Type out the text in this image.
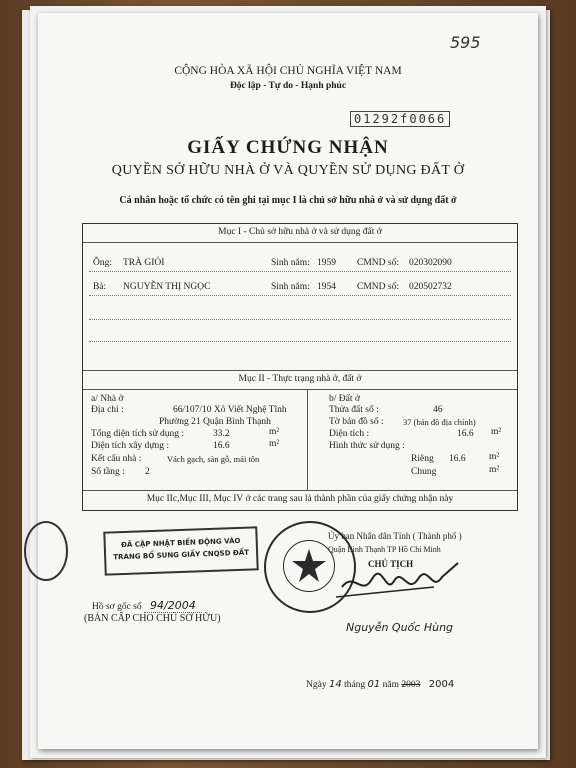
595
CỘNG HÒA XÃ HỘI CHỦ NGHĨA VIỆT NAM
Độc lập - Tự do - Hạnh phúc
01292f0066
GIẤY CHỨNG NHẬN
QUYỀN SỞ HỮU NHÀ Ở VÀ QUYỀN SỬ DỤNG ĐẤT Ở
Cá nhân hoặc tổ chức có tên ghi tại mục I là chủ sở hữu nhà ở và sử dụng đất ở
Mục I - Chủ sở hữu nhà ở và sử dụng đất ở
Ông: TRÀ GIỎI	Sinh năm: 1959 CMND số: 020302090
Bà: NGUYỄN THỊ NGỌC	Sinh năm: 1954 CMND số: 020502732
Mục II - Thực trạng nhà ở, đất ở
a/ Nhà ở
Địa chỉ :	66/107/10 Xô Viết Nghệ Tĩnh
Phường 21 Quận Bình Thạnh
Tổng diện tích sử dụng :	33.2	m²
Diện tích xây dựng :	16.6	m²
Kết cấu nhà :	Vách gạch, sàn gỗ, mái tôn
Số tầng : 2
b/ Đất ở
Thửa đất số :	46
Tờ bản đồ số : 37 (bản đồ địa chính)
Diện tích :	16.6 m²
Hình thức sử dụng :
Riêng 16.6 m²
Chung	m²
Mục IIc,Mục III, Mục IV ở các trang sau là thành phần của giấy chứng nhận này
ĐÃ CẬP NHẬT BIẾN ĐỘNG VÀO
TRANG BỔ SUNG GIẤY CNQSD ĐẤT
Ủy ban Nhân dân Tỉnh ( Thành phố )
Quận Bình Thạnh TP Hồ Chí Minh
CHỦ TỊCH
Nguyễn Quốc Hùng
Hồ sơ gốc số 94/2004
(BẢN CẤP CHO CHỦ SỞ HỮU)
Ngày 14 tháng 01 năm 2003 2004
